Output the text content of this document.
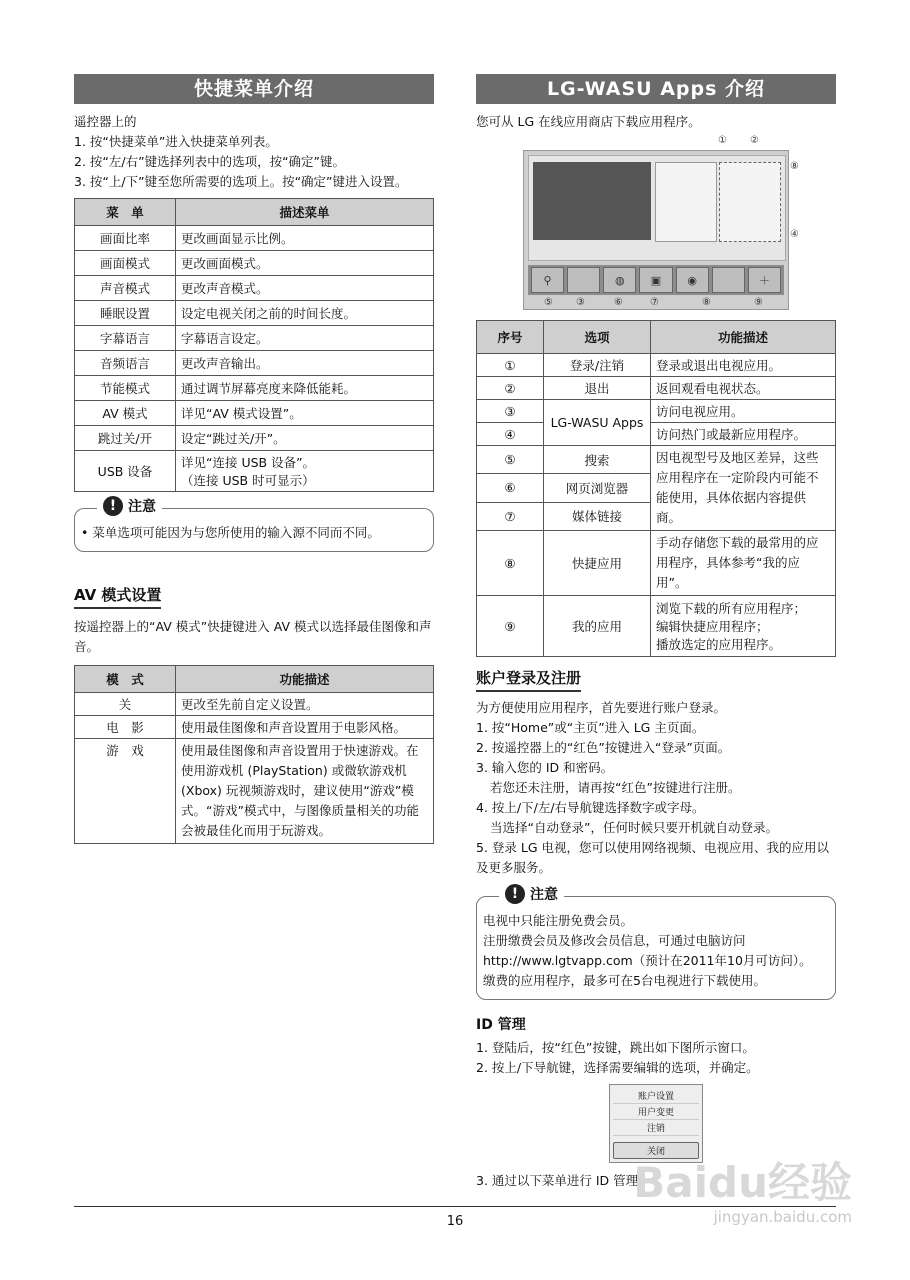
快捷菜单介绍

遥控器上的

1. 按“快捷菜单”进入快捷菜单列表。

2. 按“左/右”键选择列表中的选项，按“确定”键。

3. 按“上/下”键至您所需要的选项上。按“确定”键进入设置。

菜　单	描述菜单
画面比率	更改画面显示比例。
画面模式	更改画面模式。
声音模式	更改声音模式。
睡眠设置	设定电视关闭之前的时间长度。
字幕语言	字幕语言设定。
音频语言	更改声音输出。
节能模式	通过调节屏幕亮度来降低能耗。
AV 模式	详见“AV 模式设置”。
跳过关/开	设定“跳过关/开”。
USB 设备	详见“连接 USB 设备”。
（连接 USB 时可显示）
! 注意

• 菜单选项可能因为与您所使用的输入源不同而不同。

AV 模式设置

按遥控器上的“AV 模式”快捷键进入 AV 模式以选择最佳图像和声音。

模　式	功能描述
关	更改至先前自定义设置。
电　影	使用最佳图像和声音设置用于电影风格。
游　戏	使用最佳图像和声音设置用于快速游戏。在使用游戏机 (PlayStation) 或微软游戏机 (Xbox) 玩视频游戏时，建议使用“游戏”模式。“游戏”模式中，与图像质量相关的功能会被最佳化而用于玩游戏。
LG-WASU Apps 介绍

您可从 LG 在线应用商店下载应用程序。

⚲	◍	▣	◉	＋
① ②
⑧
④
⑤ ③	⑥	⑦	⑧	⑨
序号	选项	功能描述
①	登录/注销	登录或退出电视应用。
②	退出	返回观看电视状态。
③	LG-WASU Apps	访问电视应用。
④		访问热门或最新应用程序。
⑤	搜索	因电视型号及地区差异，这些应用程序在一定阶段内可能不能使用，具体依据内容提供商。
⑥	网页浏览器	
⑦	媒体链接	
⑧	快捷应用	手动存储您下载的最常用的应用程序，具体参考“我的应用”。
⑨	我的应用	浏览下载的所有应用程序；
编辑快捷应用程序；
播放选定的应用程序。
账户登录及注册

为方便使用应用程序，首先要进行账户登录。

1. 按“Home”或“主页”进入 LG 主页面。

2. 按遥控器上的“红色”按键进入“登录”页面。

3. 输入您的 ID 和密码。

若您还未注册，请再按“红色”按键进行注册。

4. 按上/下/左/右导航键选择数字或字母。

当选择“自动登录”，任何时候只要开机就自动登录。

5. 登录 LG 电视，您可以使用网络视频、电视应用、我的应用以及更多服务。

! 注意

电视中只能注册免费会员。

注册缴费会员及修改会员信息，可通过电脑访问

http://www.lgtvapp.com（预计在2011年10月可访问）。

缴费的应用程序，最多可在5台电视进行下载使用。

ID 管理

1. 登陆后，按“红色”按键，跳出如下图所示窗口。

2. 按上/下导航键，选择需要编辑的选项，并确定。

账户设置
用户变更
注销
关闭

3. 通过以下菜单进行 ID 管理。

16
Baidu经验
jingyan.baidu.com
